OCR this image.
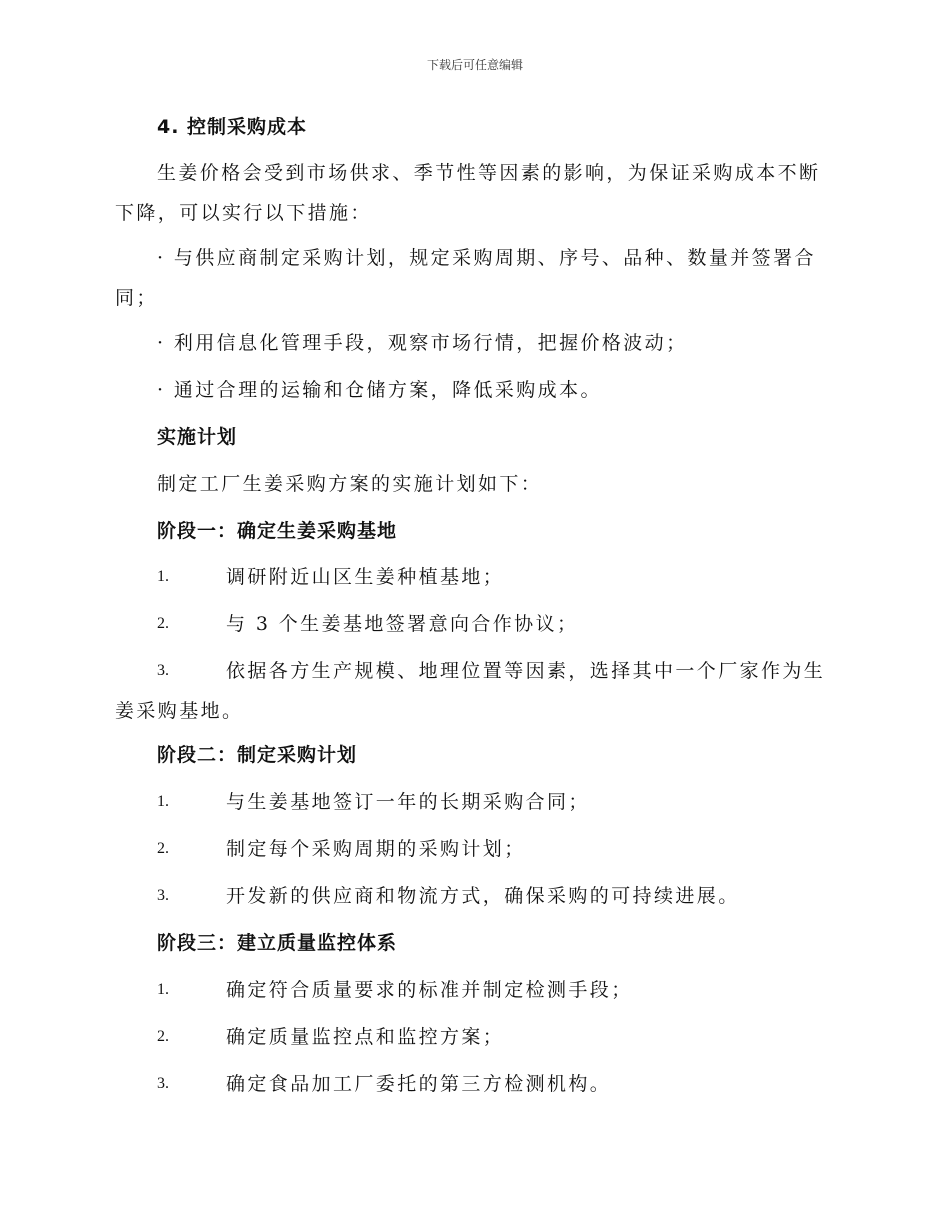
下载后可任意编辑
4. 控制采购成本
生姜价格会受到市场供求、季节性等因素的影响，为保证采购成本不断
下降，可以实行以下措施：
· 与供应商制定采购计划，规定采购周期、序号、品种、数量并签署合
同；
· 利用信息化管理手段，观察市场行情，把握价格波动；
· 通过合理的运输和仓储方案，降低采购成本。
实施计划
制定工厂生姜采购方案的实施计划如下：
阶段一：确定生姜采购基地
1.	调研附近山区生姜种植基地；
2.	与 3 个生姜基地签署意向合作协议；
3.	依据各方生产规模、地理位置等因素，选择其中一个厂家作为生
姜采购基地。
阶段二：制定采购计划
1.	与生姜基地签订一年的长期采购合同；
2.	制定每个采购周期的采购计划；
3.	开发新的供应商和物流方式，确保采购的可持续进展。
阶段三：建立质量监控体系
1.	确定符合质量要求的标准并制定检测手段；
2.	确定质量监控点和监控方案；
3.	确定食品加工厂委托的第三方检测机构。
